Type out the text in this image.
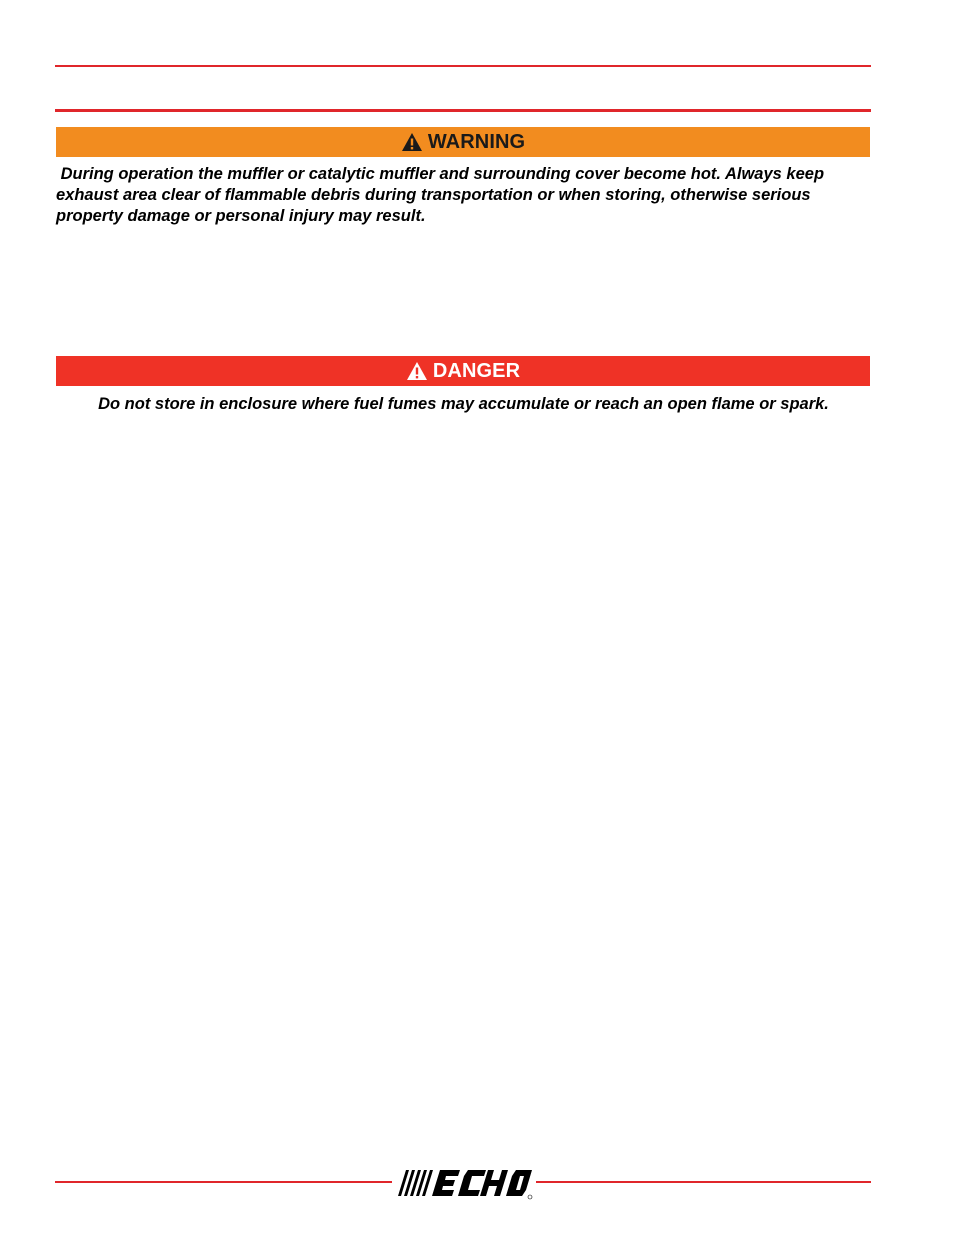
WARNING
During operation the muffler or catalytic muffler and surrounding cover become hot. Always keep exhaust area clear of flammable debris during transportation or when storing, otherwise serious property damage or personal injury may result.
DANGER
Do not store in enclosure where fuel fumes may accumulate or reach an open flame or spark.
